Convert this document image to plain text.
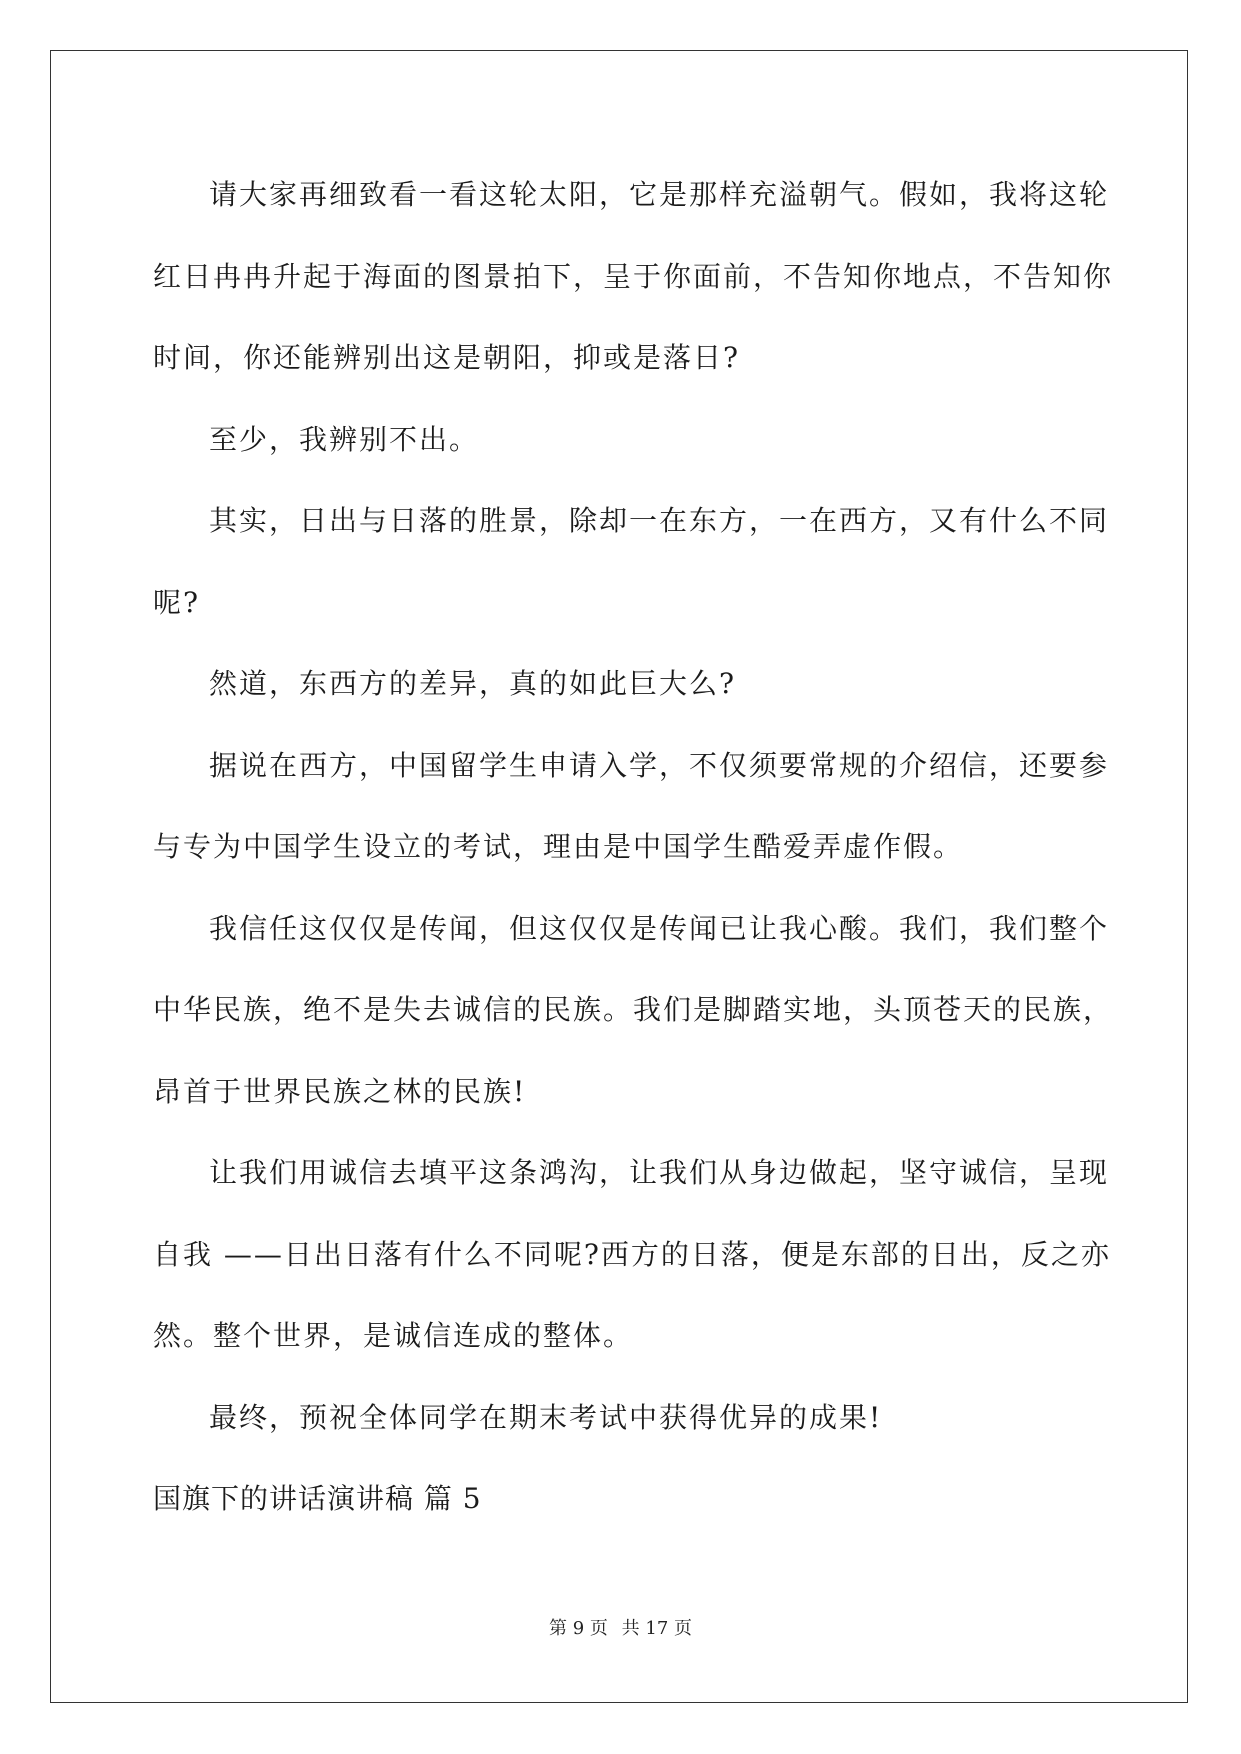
请大家再细致看一看这轮太阳，它是那样充溢朝气。假如，我将这轮红日冉冉升起于海面的图景拍下，呈于你面前，不告知你地点，不告知你时间，你还能辨别出这是朝阳，抑或是落日?

至少，我辨别不出。

其实，日出与日落的胜景，除却一在东方，一在西方，又有什么不同呢?

然道，东西方的差异，真的如此巨大么?

据说在西方，中国留学生申请入学，不仅须要常规的介绍信，还要参与专为中国学生设立的考试，理由是中国学生酷爱弄虚作假。

我信任这仅仅是传闻，但这仅仅是传闻已让我心酸。我们，我们整个中华民族，绝不是失去诚信的民族。我们是脚踏实地，头顶苍天的民族，昂首于世界民族之林的民族!

让我们用诚信去填平这条鸿沟，让我们从身边做起，坚守诚信，呈现自我 ——日出日落有什么不同呢?西方的日落，便是东部的日出，反之亦然。整个世界，是诚信连成的整体。

最终，预祝全体同学在期末考试中获得优异的成果!

国旗下的讲话演讲稿 篇 5

第 9 页 共 17 页
